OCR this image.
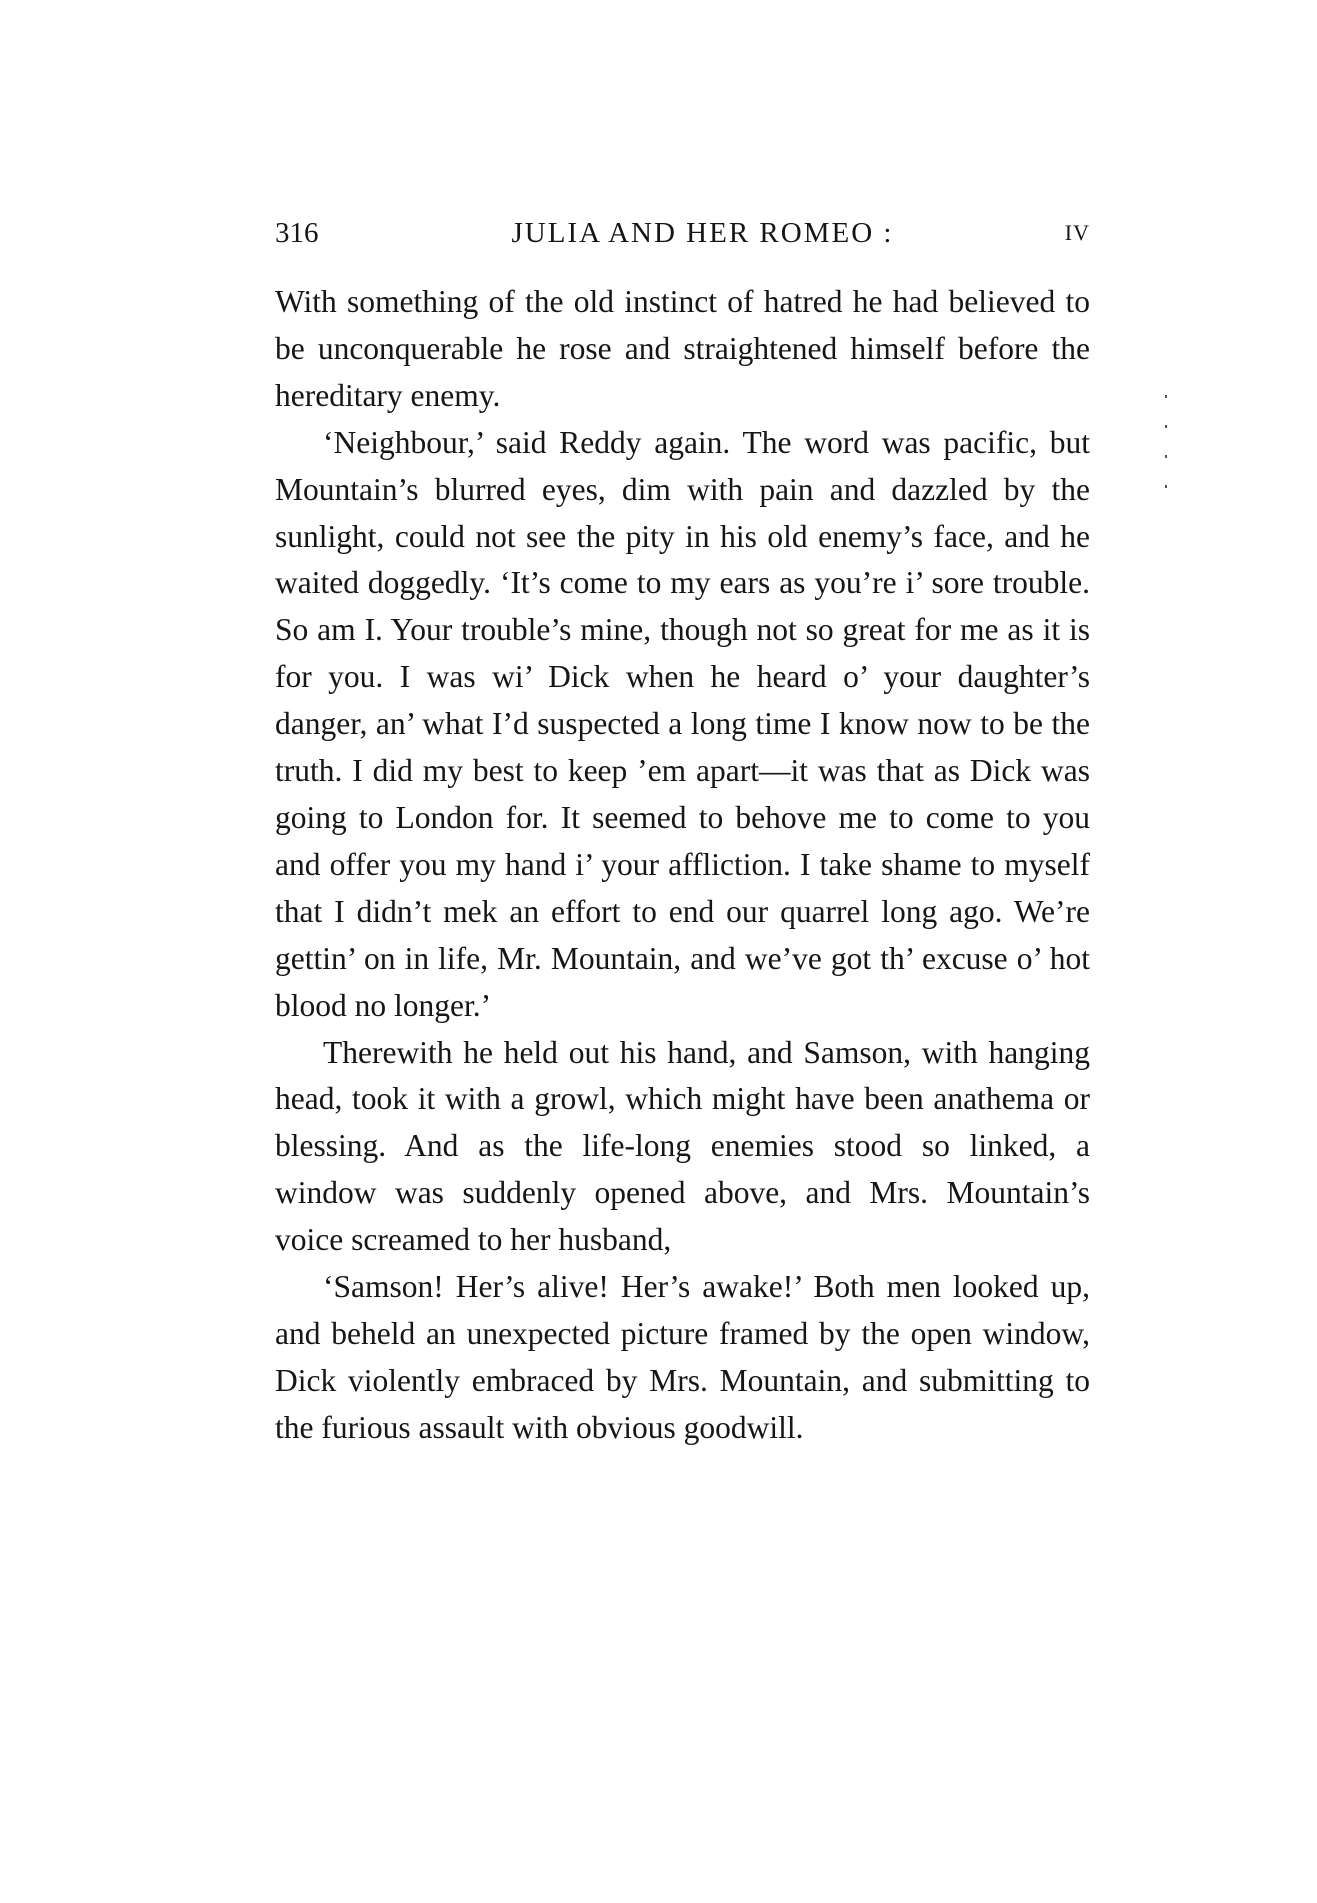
316	JULIA AND HER ROMEO :	IV

With something of the old instinct of hatred he had believed to be unconquerable he rose and straightened himself before the hereditary enemy.

‘Neighbour,’ said Reddy again. The word was pacific, but Mountain’s blurred eyes, dim with pain and dazzled by the sunlight, could not see the pity in his old enemy’s face, and he waited doggedly. ‘It’s come to my ears as you’re i’ sore trouble. So am I. Your trouble’s mine, though not so great for me as it is for you. I was wi’ Dick when he heard o’ your daughter’s danger, an’ what I’d suspected a long time I know now to be the truth. I did my best to keep ’em apart—it was that as Dick was going to London for. It seemed to behove me to come to you and offer you my hand i’ your affliction. I take shame to myself that I didn’t mek an effort to end our quarrel long ago. We’re gettin’ on in life, Mr. Mountain, and we’ve got th’ excuse o’ hot blood no longer.’

Therewith he held out his hand, and Samson, with hanging head, took it with a growl, which might have been anathema or blessing. And as the life-long enemies stood so linked, a window was suddenly opened above, and Mrs. Mountain’s voice screamed to her husband,

‘Samson! Her’s alive! Her’s awake!’ Both men looked up, and beheld an unexpected picture framed by the open window, Dick violently embraced by Mrs. Mountain, and submitting to the furious assault with obvious goodwill.
